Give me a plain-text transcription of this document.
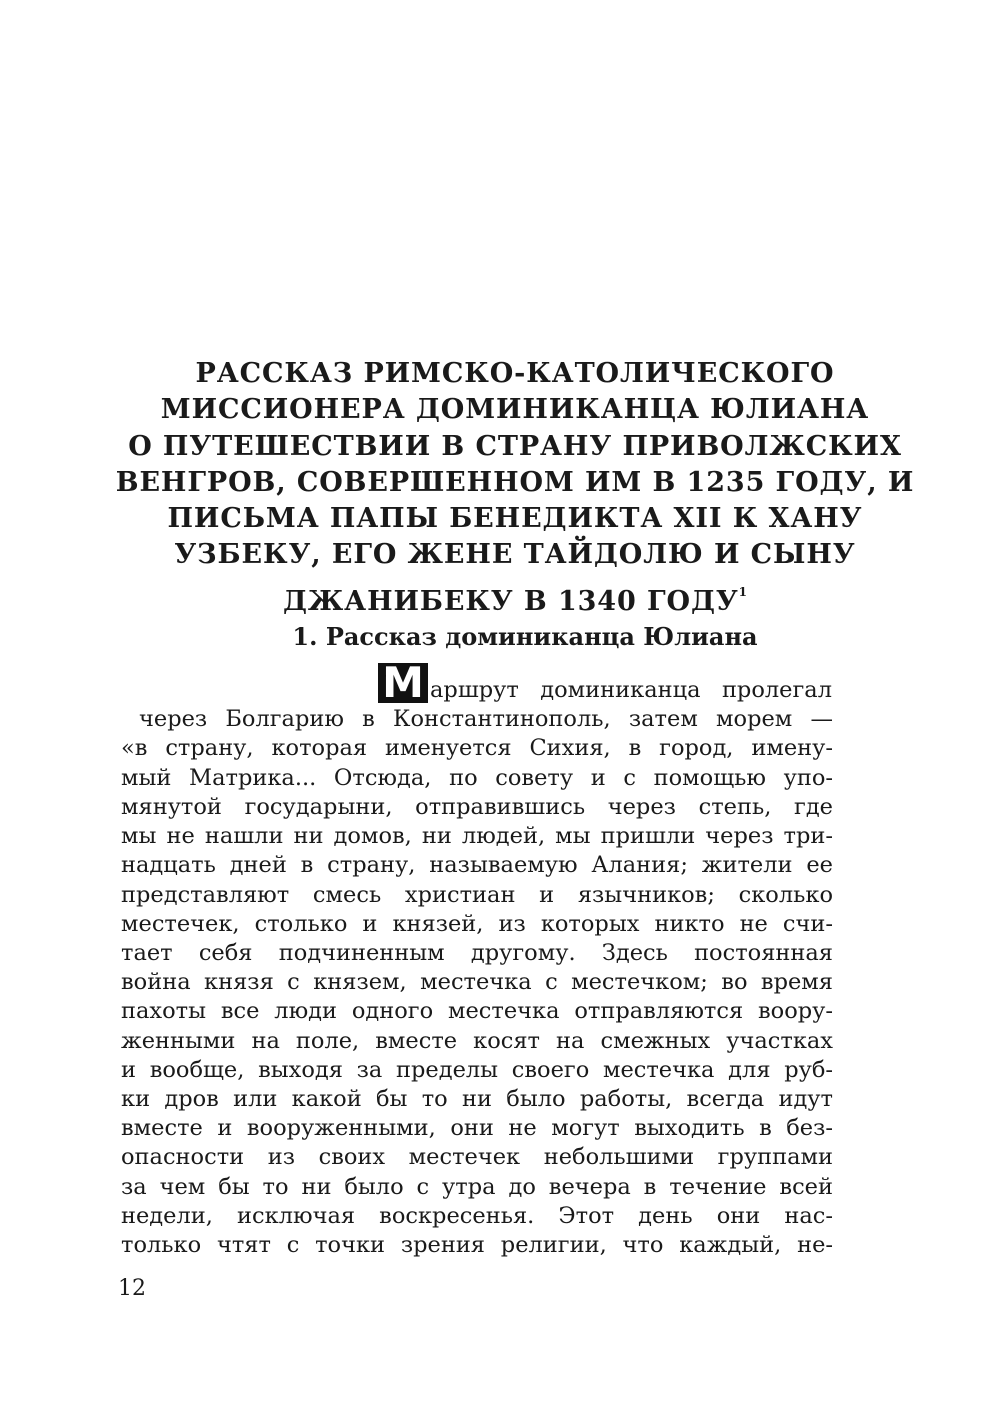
РАССКАЗ РИМСКО-КАТОЛИЧЕСКОГО
МИССИОНЕРА ДОМИНИКАНЦА ЮЛИАНА
О ПУТЕШЕСТВИИ В СТРАНУ ПРИВОЛЖСКИХ
ВЕНГРОВ, СОВЕРШЕННОМ ИМ В 1235 ГОДУ, И
ПИСЬМА ПАПЫ БЕНЕДИКТА XII К ХАНУ
УЗБЕКУ, ЕГО ЖЕНЕ ТАЙДОЛЮ И СЫНУ
ДЖАНИБЕКУ В 1340 ГОДУ$^1$
1. Рассказ доминиканца Юлиана
М аршрут доминиканца пролегал
через Болгарию в Константинополь, затем морем —
«в страну, которая именуется Сихия, в город, имену-
мый Матрика... Отсюда, по совету и с помощью упо-
мянутой государыни, отправившись через степь, где
мы не нашли ни домов, ни людей, мы пришли через три-
надцать дней в страну, называемую Алания; жители ее
представляют смесь христиан и язычников; сколько
местечек, столько и князей, из которых никто не счи-
тает себя подчиненным другому. Здесь постоянная
война князя с князем, местечка с местечком; во время
пахоты все люди одного местечка отправляются воору-
женными на поле, вместе косят на смежных участках
и вообще, выходя за пределы своего местечка для руб-
ки дров или какой бы то ни было работы, всегда идут
вместе и вооруженными, они не могут выходить в без-
опасности из своих местечек небольшими группами
за чем бы то ни было с утра до вечера в течение всей
недели, исключая воскресенья. Этот день они нас-
только чтят с точки зрения религии, что каждый, не-
12
